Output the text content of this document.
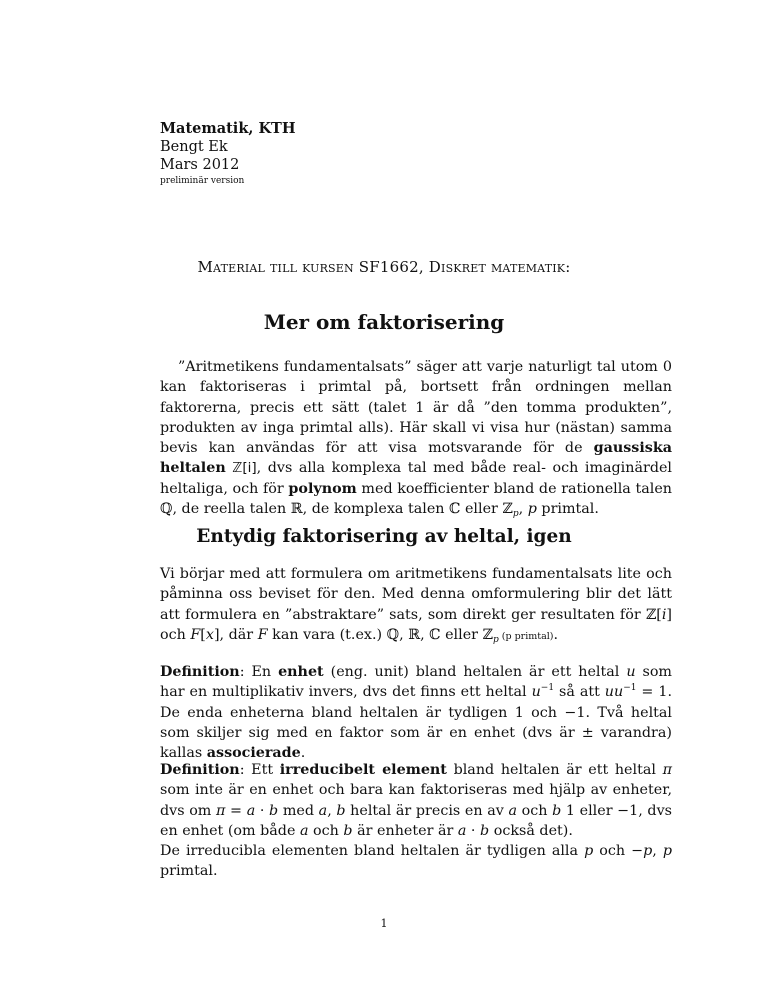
Matematik, KTH
Bengt Ek
Mars 2012
preliminär version
Material till kursen SF1662, Diskret matematik:
Mer om faktorisering

”Aritmetikens fundamentalsats” säger att varje naturligt tal utom 0 kan faktoriseras i primtal på, bortsett från ordningen mellan faktorerna, precis ett sätt (talet 1 är då ”den tomma produkten”, produkten av inga primtal alls). Här skall vi visa hur (nästan) samma bevis kan användas för att visa motsvarande för de gaussiska heltalen ℤ[i], dvs alla komplexa tal med både real- och imaginärdel heltaliga, och för polynom med koefficienter bland de rationella talen ℚ, de reella talen ℝ, de komplexa talen ℂ eller ℤ$_p$, p primtal.

Entydig faktorisering av heltal, igen

Vi börjar med att formulera om aritmetikens fundamentalsats lite och påminna oss beviset för den. Med denna omformulering blir det lätt att formulera en ”abstraktare” sats, som direkt ger resultaten för ℤ[i] och F[x], där F kan vara (t.ex.) ℚ, ℝ, ℂ eller ℤ$_p$ (p primtal).

Definition: En enhet (eng. unit) bland heltalen är ett heltal u som har en multiplikativ invers, dvs det finns ett heltal $u^{-1}$ så att $uu^{-1} = 1$. De enda enheterna bland heltalen är tydligen 1 och −1. Två heltal som skiljer sig med en faktor som är en enhet (dvs är ± varandra) kallas associerade.

Definition: Ett irreducibelt element bland heltalen är ett heltal π som inte är en enhet och bara kan faktoriseras med hjälp av enheter, dvs om π = a · b med a, b heltal är precis en av a och b 1 eller −1, dvs en enhet (om både a och b är enheter är a · b också det).

De irreducibla elementen bland heltalen är tydligen alla p och −p, p primtal.

1
